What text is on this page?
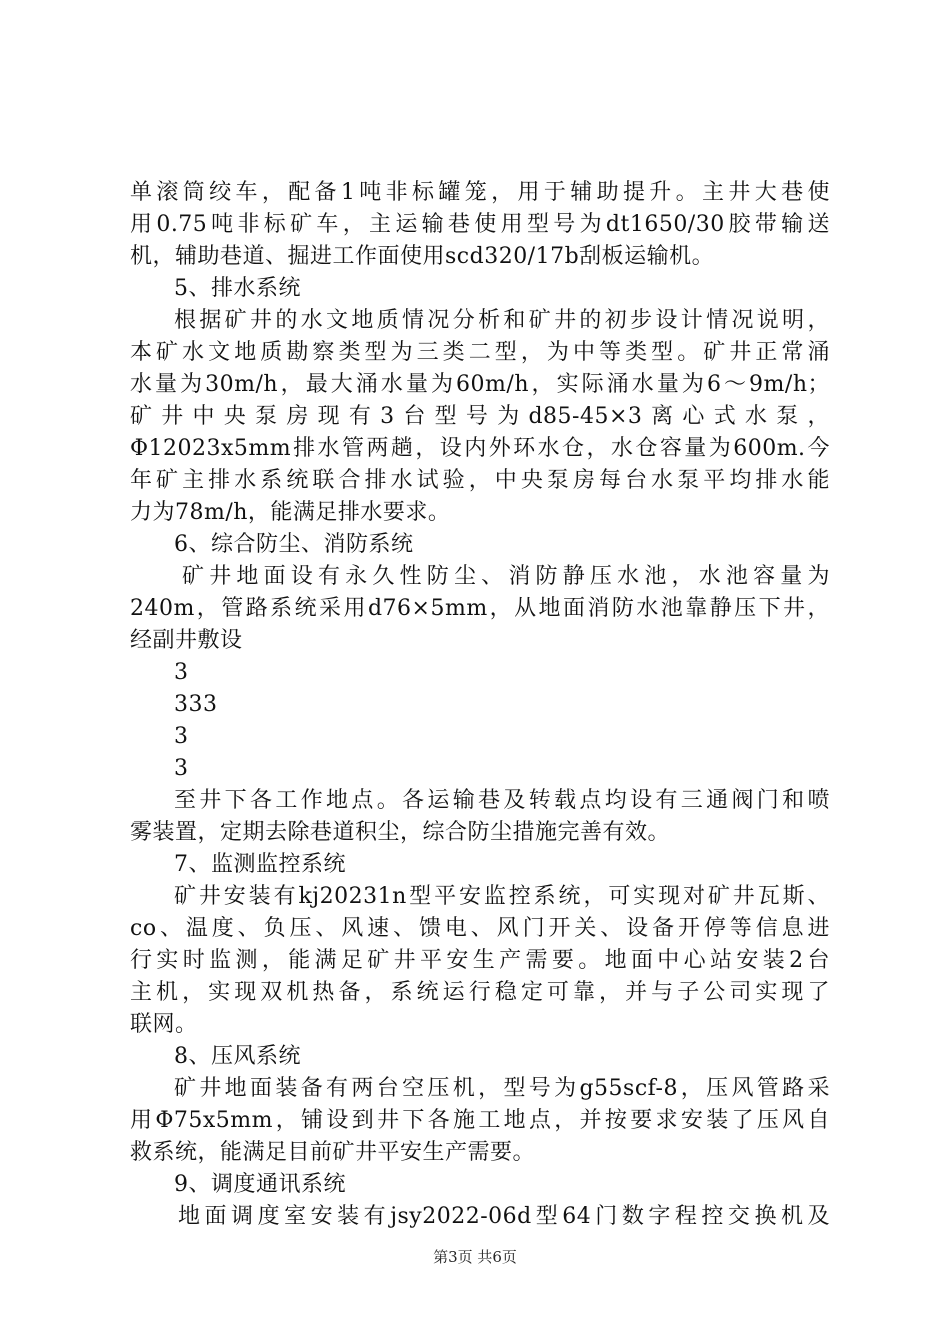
单滚筒绞车，配备1吨非标罐笼，用于辅助提升。主井大巷使
用0.75吨非标矿车，主运输巷使用型号为dt1650/30胶带输送
机，辅助巷道、掘进工作面使用scd320/17b刮板运输机。
5、排水系统
根据矿井的水文地质情况分析和矿井的初步设计情况说明，
本矿水文地质勘察类型为三类二型，为中等类型。矿井正常涌
水量为30m/h，最大涌水量为60m/h，实际涌水量为6～9m/h；
矿井中央泵房现有3台型号为d85-45×3离心式水泵，
Φ12023x5mm排水管两趟，设内外环水仓，水仓容量为600m.今
年矿主排水系统联合排水试验，中央泵房每台水泵平均排水能
力为78m/h，能满足排水要求。
6、综合防尘、消防系统
矿井地面设有永久性防尘、消防静压水池，水池容量为
240m，管路系统采用d76×5mm，从地面消防水池靠静压下井，
经副井敷设
3
333
3
3
至井下各工作地点。各运输巷及转载点均设有三通阀门和喷
雾装置，定期去除巷道积尘，综合防尘措施完善有效。
7、监测监控系统
矿井安装有kj20231n型平安监控系统，可实现对矿井瓦斯、
co、温度、负压、风速、馈电、风门开关、设备开停等信息进
行实时监测，能满足矿井平安生产需要。地面中心站安装2台
主机，实现双机热备，系统运行稳定可靠，并与子公司实现了
联网。
8、压风系统
矿井地面装备有两台空压机，型号为g55scf-8，压风管路采
用Φ75x5mm，铺设到井下各施工地点，并按要求安装了压风自
救系统，能满足目前矿井平安生产需要。
9、调度通讯系统
地面调度室安装有jsy2022-06d型64门数字程控交换机及
第3页 共6页
